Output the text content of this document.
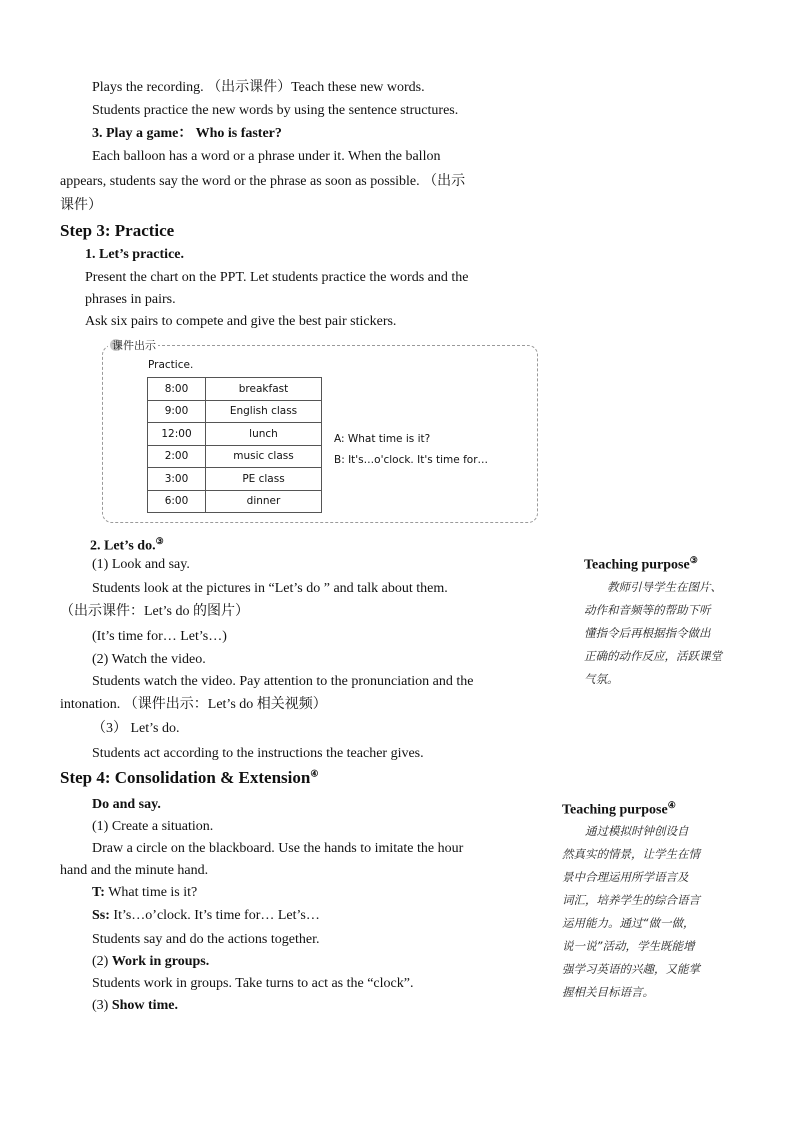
Plays the recording. （出示课件）Teach these new words.
Students practice the new words by using the sentence structures.
3. Play a game： Who is faster?
Each balloon has a word or a phrase under it. When the ballon
appears, students say the word or the phrase as soon as possible. （出示
课件）
Step 3: Practice
1. Let’s practice.
Present the chart on the PPT. Let students practice the words and the
phrases in pairs.
Ask six pairs to compete and give the best pair stickers.
课件出示
Practice.
8:00	breakfast
9:00	English class
12:00	lunch
2:00	music class
3:00	PE class
6:00	dinner
A: What time is it?
B: It's…o'clock. It's time for…
2. Let’s do.③
(1) Look and say.
Students look at the pictures in “Let’s do ” and talk about them.
（出示课件：Let’s do 的图片）
(It’s time for… Let’s…)
(2) Watch the video.
Students watch the video. Pay attention to the pronunciation and the
intonation. （课件出示：Let’s do 相关视频）
（3） Let’s do.
Students act according to the instructions the teacher gives.
Step 4: Consolidation & Extension④
Do and say.
(1) Create a situation.
Draw a circle on the blackboard. Use the hands to imitate the hour
hand and the minute hand.
T: What time is it?
Ss: It’s…o’clock. It’s time for… Let’s…
Students say and do the actions together.
(2) Work in groups.
Students work in groups. Take turns to act as the “clock”.
(3) Show time.
Teaching purpose③
　　教师引导学生在图片、
动作和音频等的帮助下听
懂指令后再根据指令做出
正确的动作反应，活跃课堂
气氛。
Teaching purpose④
　　通过模拟时钟创设自
然真实的情景，让学生在情
景中合理运用所学语言及
词汇，培养学生的综合语言
运用能力。通过“做一做，
说一说”活动，学生既能增
强学习英语的兴趣，又能掌
握相关目标语言。
